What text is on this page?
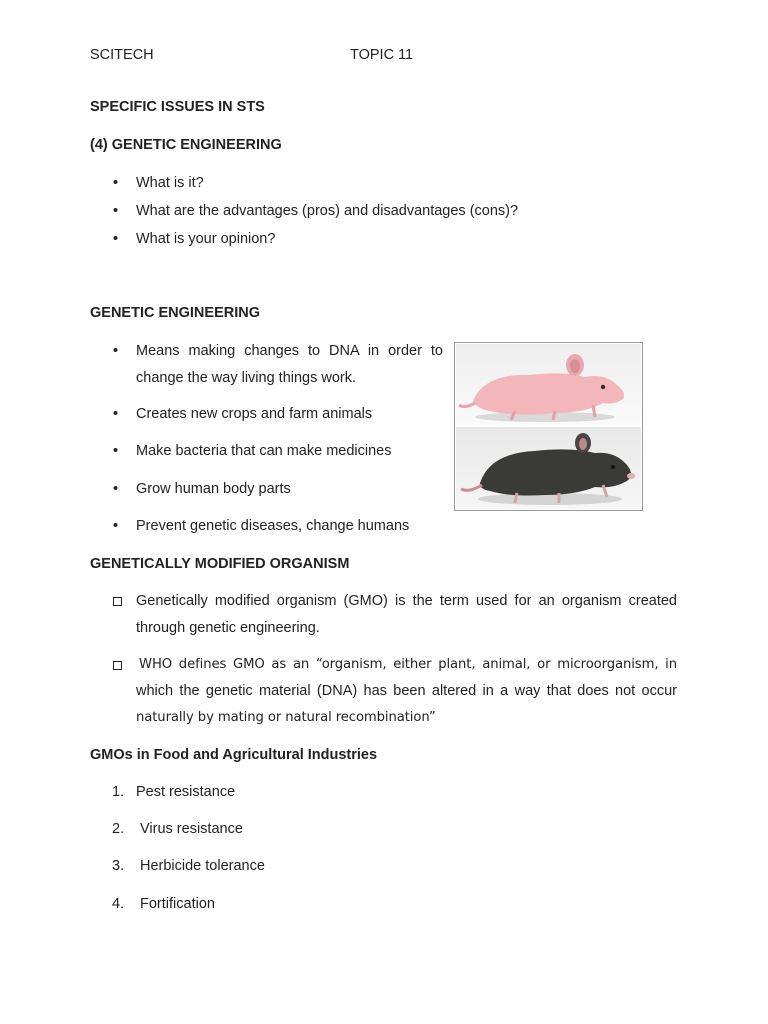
SCITECH	TOPIC 11
SPECIFIC ISSUES IN STS
(4) GENETIC ENGINEERING
• What is it?
• What are the advantages (pros) and disadvantages (cons)?
• What is your opinion?
GENETIC ENGINEERING
• Means making changes to DNA in order to
change the way living things work.
• Creates new crops and farm animals
• Make bacteria that can make medicines
• Grow human body parts
• Prevent genetic diseases, change humans
GENETICALLY MODIFIED ORGANISM
Genetically modified organism (GMO) is the term used for an organism created
through genetic engineering.
WHO defines GMO as an “organism, either plant, animal, or microorganism, in
which the genetic material (DNA) has been altered in a way that does not occur
naturally by mating or natural recombination”
GMOs in Food and Agricultural Industries
1. Pest resistance
2. Virus resistance
3. Herbicide tolerance
4. Fortification
